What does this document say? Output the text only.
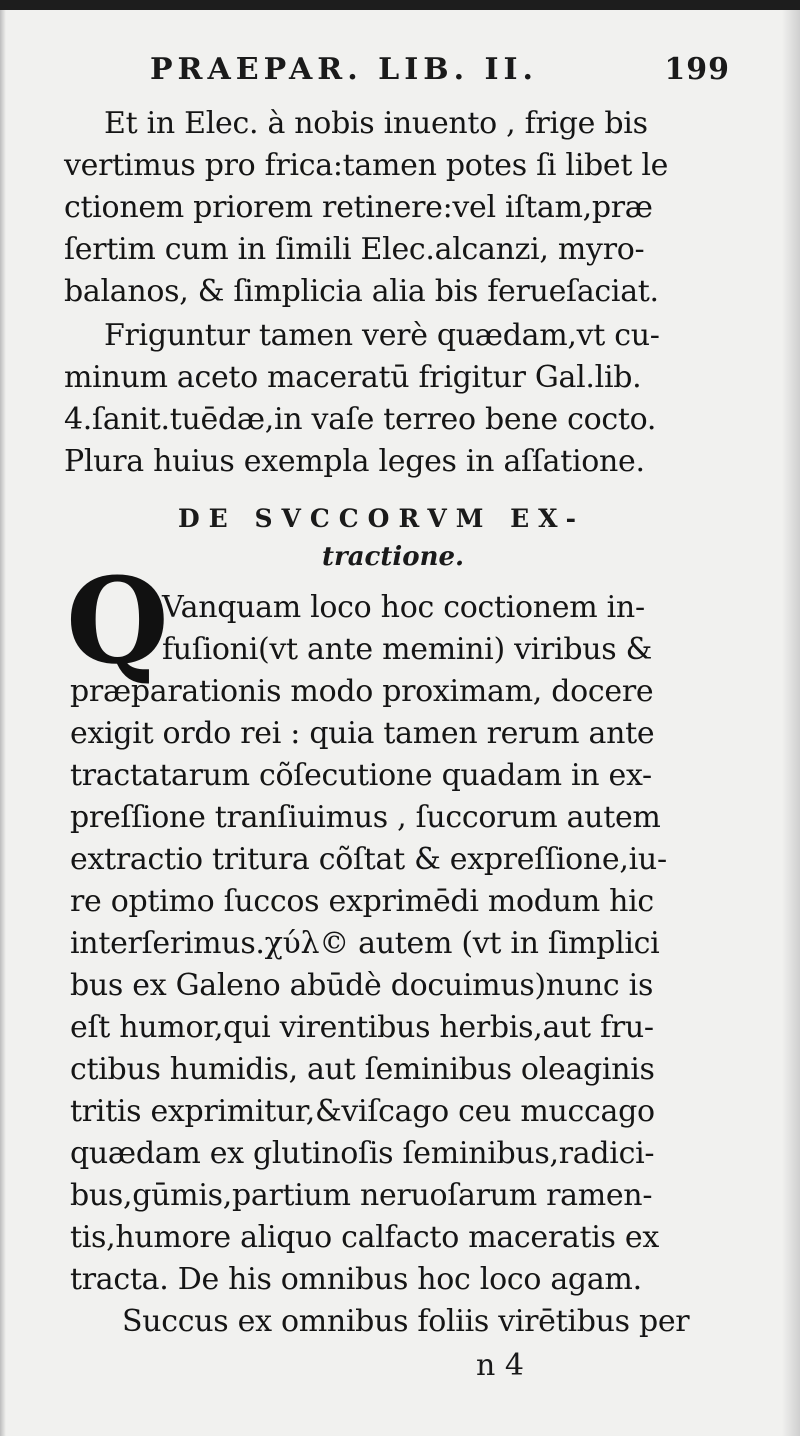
PRAEPAR. LIB. II.	199
Et in Elec. à nobis inuento , frige bis
vertimus pro frica:tamen potes ſi libet le
ctionem priorem retinere:vel iſtam,præ
ſertim cum in ſimili Elec.alcanzi, myro-
balanos, & ſimplicia alia bis ferueſaciat.
Friguntur tamen verè quædam,vt cu-
minum aceto maceratū frigitur Gal.lib.
4.ſanit.tuēdæ,in vaſe terreo bene cocto.
Plura huius exempla leges in aſſatione.
DE SVCCORVM EX-
tractione.
Q
Vanquam loco hoc coctionem in-
fuſioni(vt ante memini) viribus &
præparationis modo proximam, docere
exigit ordo rei : quia tamen rerum ante
tractatarum cõſecutione quadam in ex-
preſſione tranſiuimus , ſuccorum autem
extractio tritura cõſtat & expreſſione,iu-
re optimo ſuccos exprimēdi modum hic
interſerimus.χύλ© autem (vt in ſimplici
bus ex Galeno abūdè docuimus)nunc is
eſt humor,qui virentibus herbis,aut fru-
ctibus humidis, aut ſeminibus oleaginis
tritis exprimitur,&viſcago ceu muccago
quædam ex glutinoſis ſeminibus,radici-
bus,gūmis,partium neruoſarum ramen-
tis,humore aliquo calfacto maceratis ex
tracta. De his omnibus hoc loco agam.
Succus ex omnibus foliis virētibus per
n 4
